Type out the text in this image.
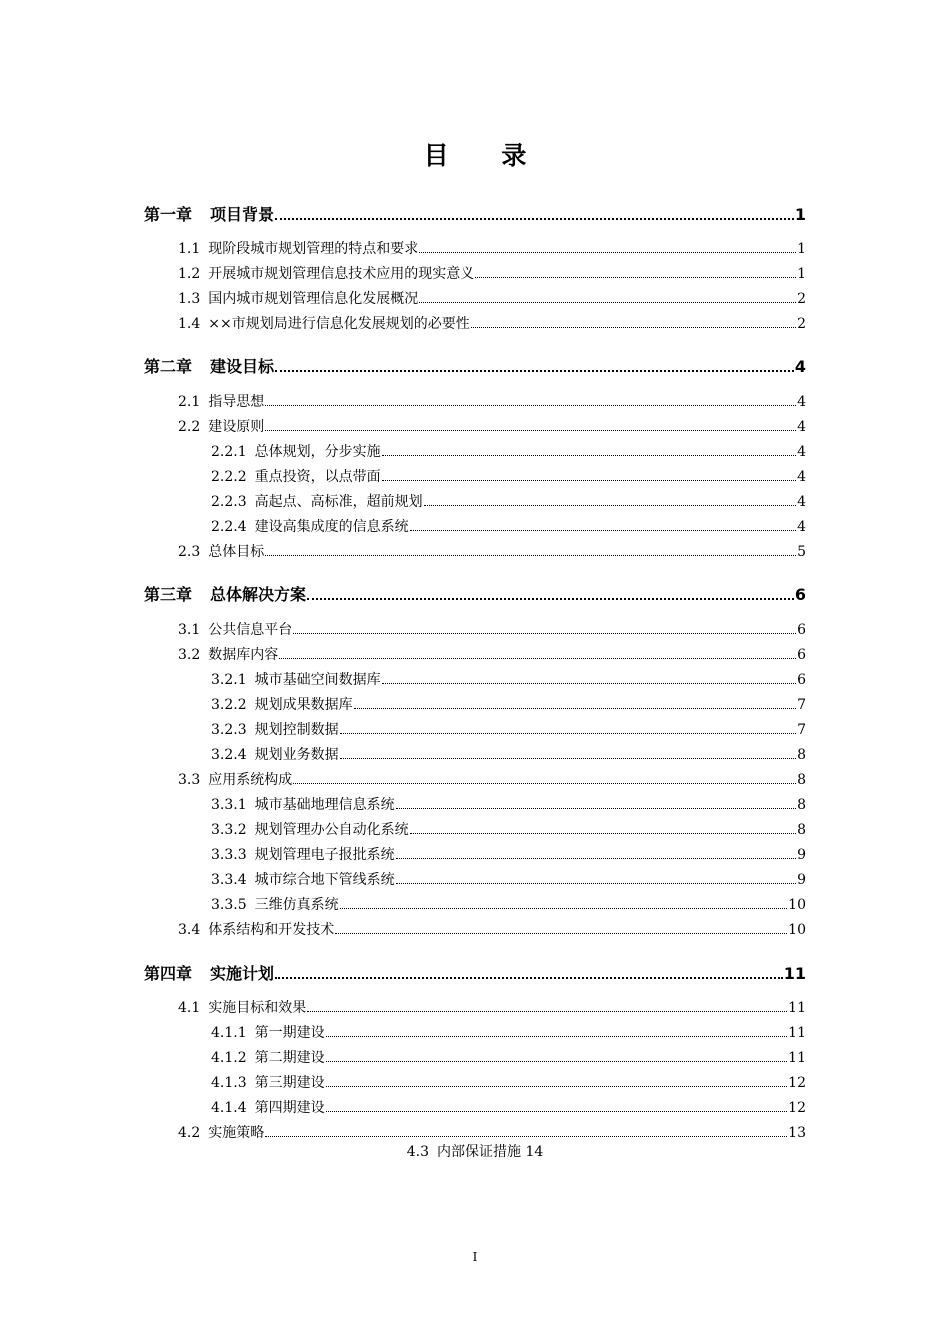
目 录
第一章 项目背景	1
1.1 现阶段城市规划管理的特点和要求	1
1.2 开展城市规划管理信息技术应用的现实意义	1
1.3 国内城市规划管理信息化发展概况	2
1.4 ××市规划局进行信息化发展规划的必要性	2
第二章 建设目标	4
2.1 指导思想	4
2.2 建设原则	4
2.2.1 总体规划，分步实施	4
2.2.2 重点投资，以点带面	4
2.2.3 高起点、高标准，超前规划	4
2.2.4 建设高集成度的信息系统	4
2.3 总体目标	5
第三章 总体解决方案	6
3.1 公共信息平台	6
3.2 数据库内容	6
3.2.1 城市基础空间数据库	6
3.2.2 规划成果数据库	7
3.2.3 规划控制数据	7
3.2.4 规划业务数据	8
3.3 应用系统构成	8
3.3.1 城市基础地理信息系统	8
3.3.2 规划管理办公自动化系统	8
3.3.3 规划管理电子报批系统	9
3.3.4 城市综合地下管线系统	9
3.3.5 三维仿真系统	10
3.4 体系结构和开发技术	10
第四章 实施计划	11
4.1 实施目标和效果	11
4.1.1 第一期建设	11
4.1.2 第二期建设	11
4.1.3 第三期建设	12
4.1.4 第四期建设	12
4.2 实施策略	13
4.3 内部保证措施 14
I
